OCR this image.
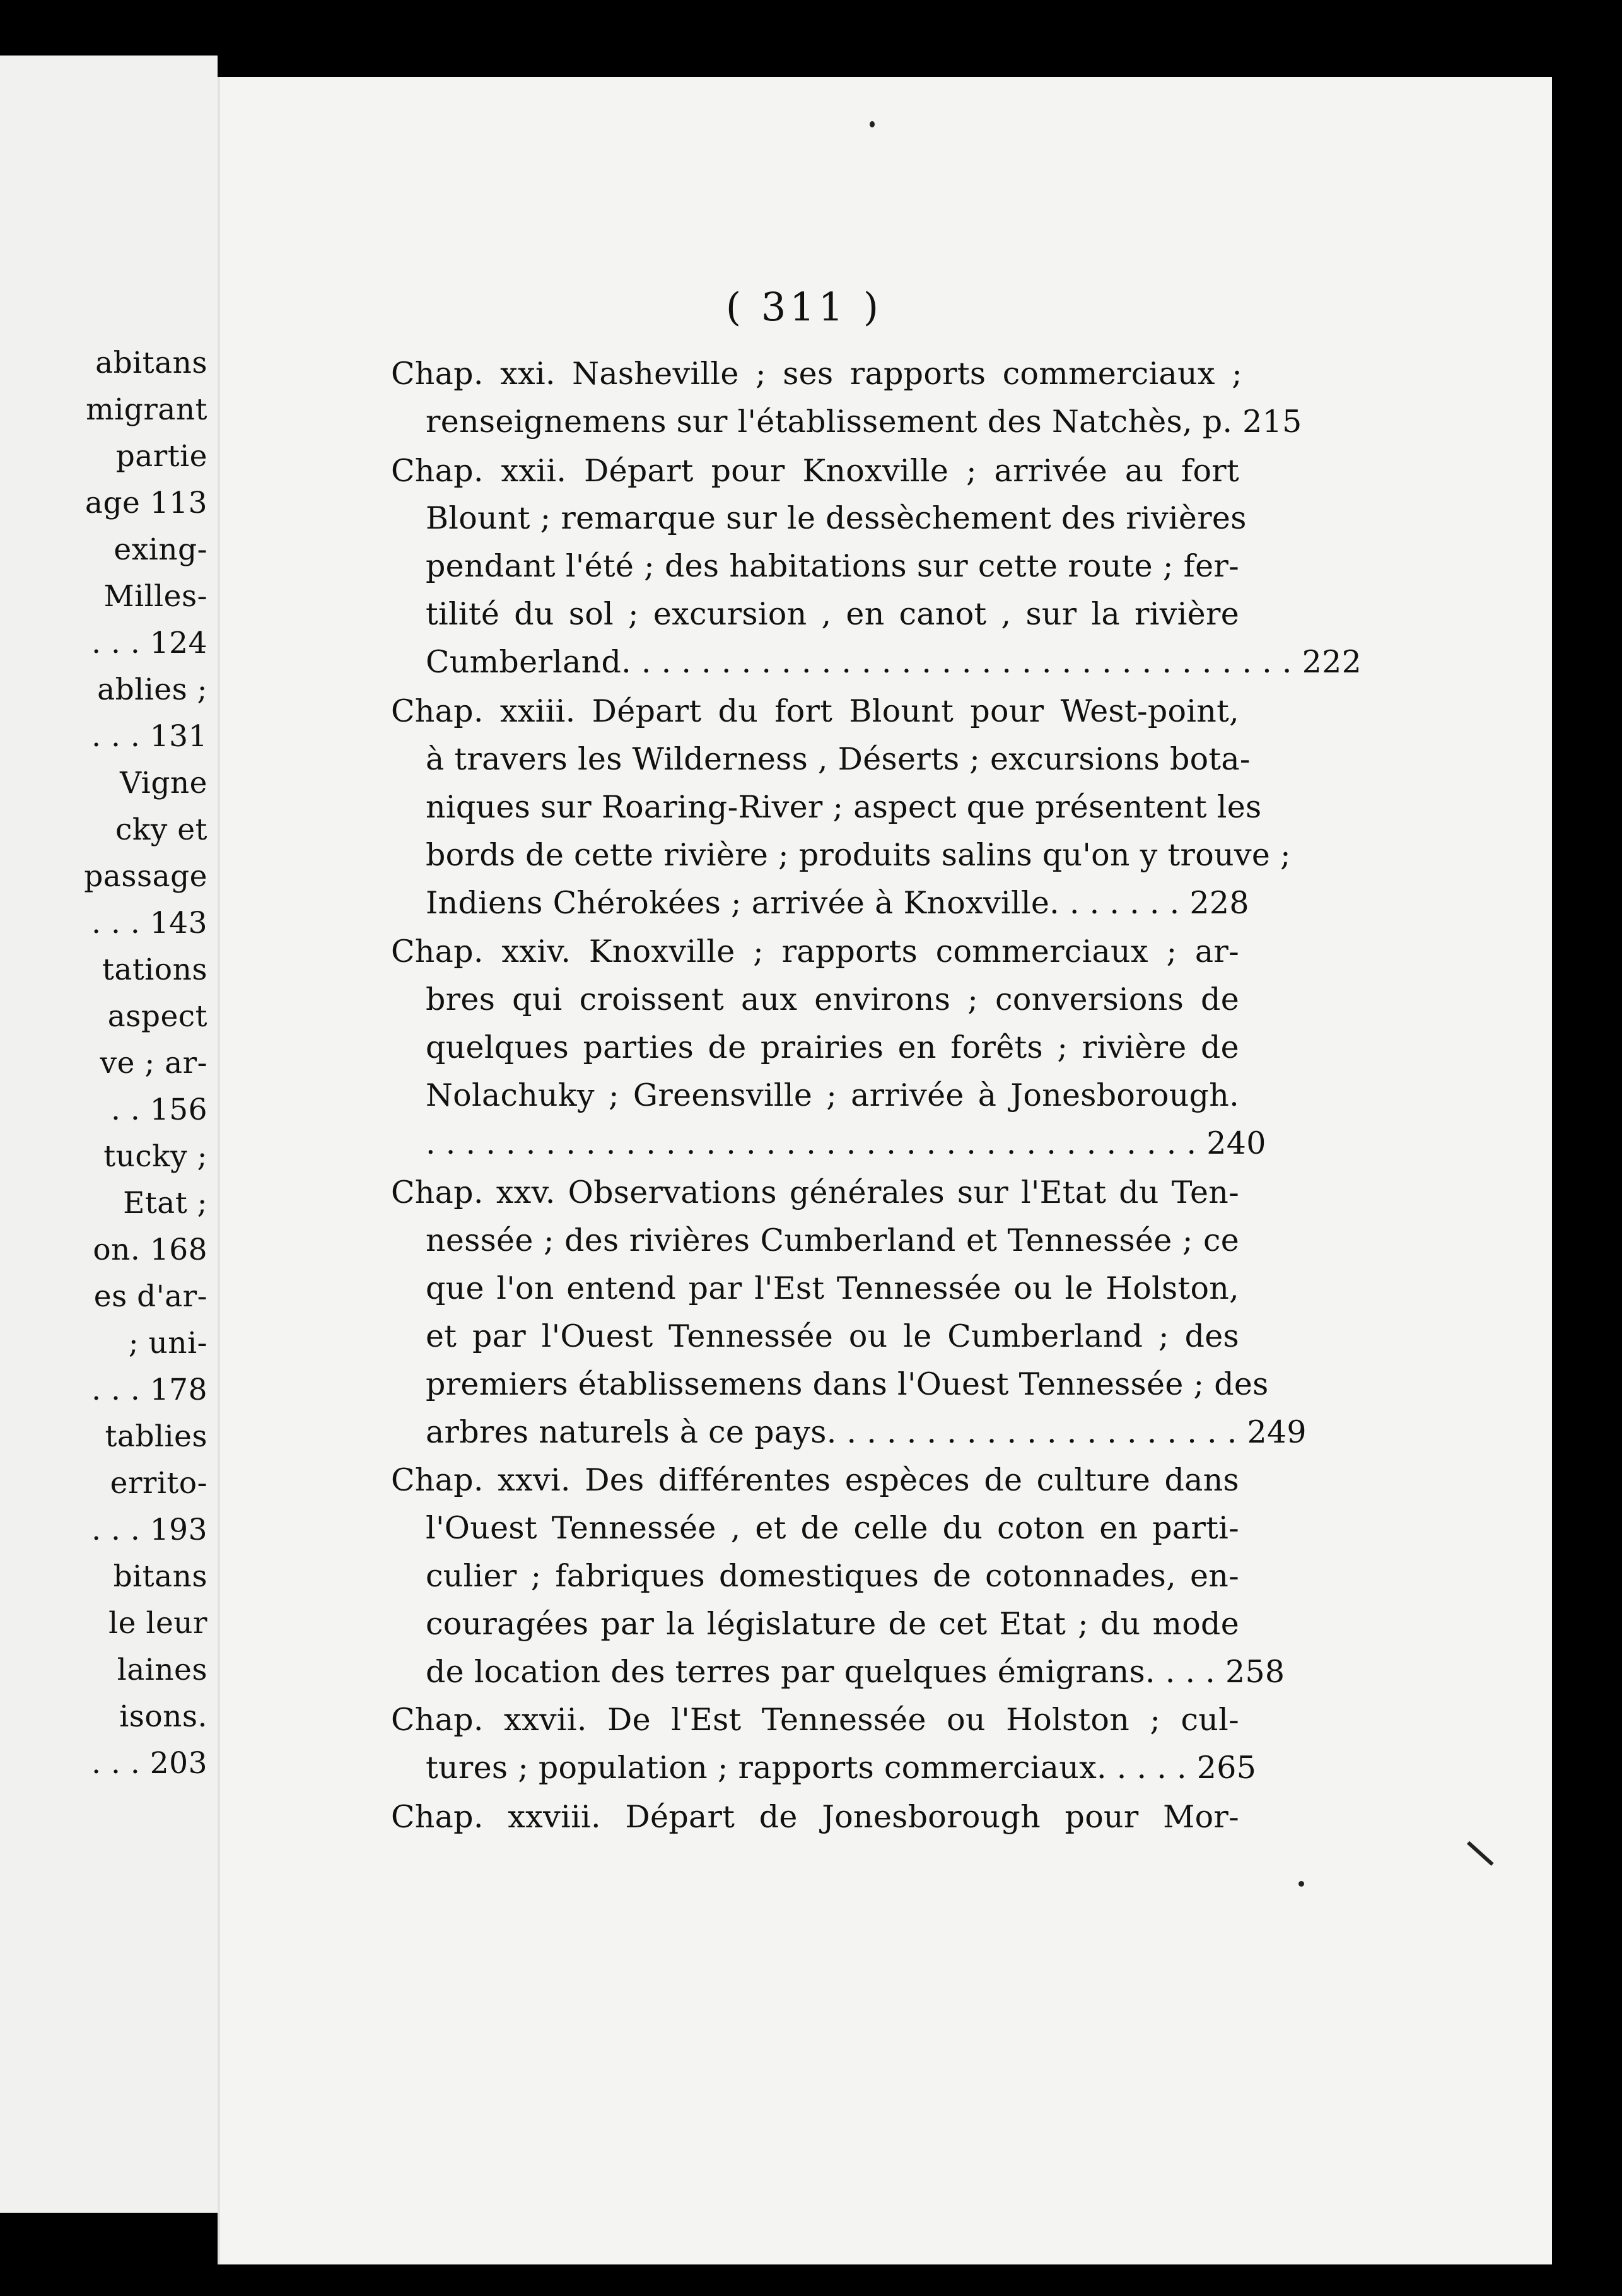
abitans
migrant
partie
age 113
exing-
Milles-
. . . 124
ablies ;
. . . 131
Vigne
cky et
passage
. . . 143
tations
aspect
ve ; ar-
. . 156
tucky ;
Etat ;
on. 168
es d'ar-
; uni-
. . . 178
tablies
errito-
. . . 193
bitans
le leur
laines
isons.
. . . 203
( 311 )
Chap. xxi. Nasheville ; ses rapports commerciaux ;
renseignemens sur l'établissement des Natchès, p. 215
Chap. xxii. Départ pour Knoxville ; arrivée au fort
Blount ; remarque sur le dessèchement des rivières
pendant l'été ; des habitations sur cette route ; fer-
tilité du sol ; excursion , en canot , sur la rivière
Cumberland. . . . . . . . . . . . . . . . . . . . . . . . . . . . . . . . . . 222
Chap. xxiii. Départ du fort Blount pour West-point,
à travers les Wilderness , Déserts ; excursions bota-
niques sur Roaring-River ; aspect que présentent les
bords de cette rivière ; produits salins qu'on y trouve ;
Indiens Chérokées ; arrivée à Knoxville. . . . . . . 228
Chap. xxiv. Knoxville ; rapports commerciaux ; ar-
bres qui croissent aux environs ; conversions de
quelques parties de prairies en forêts ; rivière de
Nolachuky ; Greensville ; arrivée à Jonesborough.
. . . . . . . . . . . . . . . . . . . . . . . . . . . . . . . . . . . . . . . 240
Chap. xxv. Observations générales sur l'Etat du Ten-
nessée ; des rivières Cumberland et Tennessée ; ce
que l'on entend par l'Est Tennessée ou le Holston,
et par l'Ouest Tennessée ou le Cumberland ; des
premiers établissemens dans l'Ouest Tennessée ; des
arbres naturels à ce pays. . . . . . . . . . . . . . . . . . . . . 249
Chap. xxvi. Des différentes espèces de culture dans
l'Ouest Tennessée , et de celle du coton en parti-
culier ; fabriques domestiques de cotonnades, en-
couragées par la législature de cet Etat ; du mode
de location des terres par quelques émigrans. . . . 258
Chap. xxvii. De l'Est Tennessée ou Holston ; cul-
tures ; population ; rapports commerciaux. . . . . 265
Chap. xxviii. Départ de Jonesborough pour Mor-
